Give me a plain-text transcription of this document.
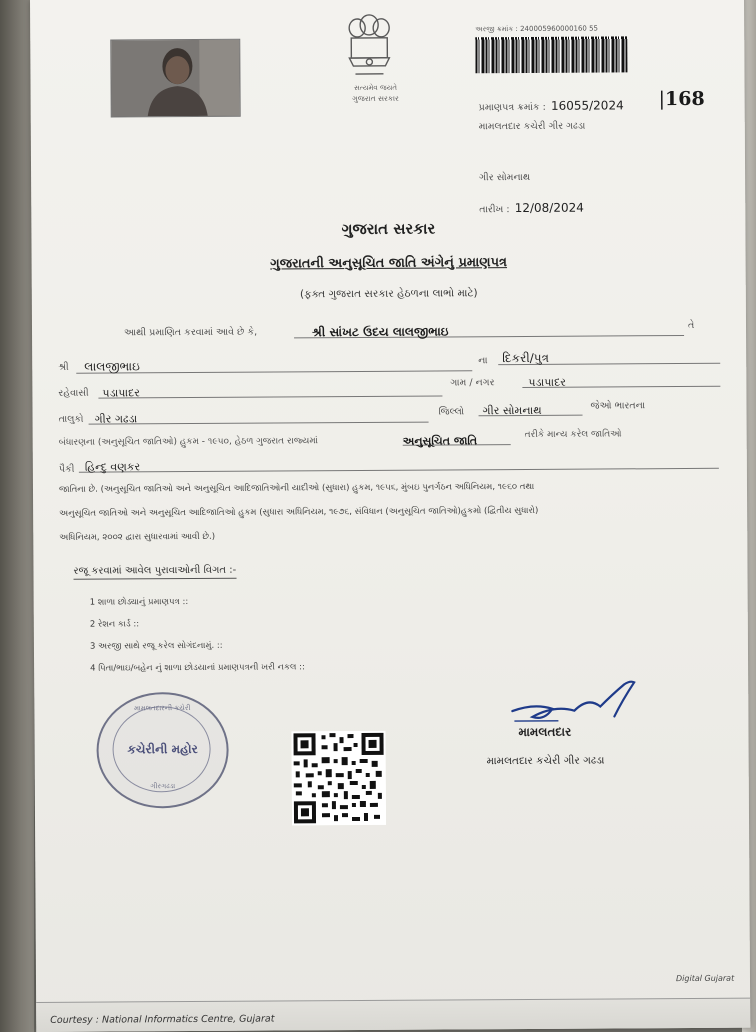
સત્યમેવ જયતે
ગુજરાત સરકાર
અરજી ક્રમાંક : 240005960000160 55
પ્રમાણપત્ર ક્રમાંક : 16055/2024 |168
મામલતદાર કચેરી ગીર ગઢડા
ગીર સોમનાથ
તારીખ : 12/08/2024
ગુજરાત સરકાર
ગુજરાતની અનુસૂચિત જાતિ અંગેનું પ્રમાણપત્ર
(ફક્ત ગુજરાત સરકાર હેઠળના લાભો માટે)
આથી પ્રમાણિત કરવામાં આવે છે કે,	શ્રી સાંખટ ઉદય લાલજીભાઇ	તે
શ્રી	લાલજીભાઇ	ના	દિકરી/પુત્ર
રહેવાસી	પડાપાદર
ગામ / નગર	પડાપાદર
તાલુકો	ગીર ગઢડા
જિલ્લો	ગીર સોમનાથ	જેઓ ભારતના
બંધારણના (અનુસૂચિત જાતિઓ) હુકમ - ૧૯૫૦, હેઠળ ગુજરાત રાજ્યમાં	અનુસૂચિત જાતિ	તરીકે માન્ય કરેલ જાતિઓ
પૈકી હિન્દુ વણકર
જાતિના છે. (અનુસૂચિત જાતિઓ અને અનુસૂચિત આદિજાતિઓની યાદીઓ (સુધારા) હુકમ, ૧૯૫૬, મુંબઇ પુનર્ગઠન અધિનિયમ, ૧૯૬૦ તથા
અનુસૂચિત જાતિઓ અને અનુસૂચિત આદિજાતિઓ હુકમ (સુધારા અધિનિયમ, ૧૯૭૬, સંવિધાન (અનુસૂચિત જાતિઓ)હુકમો (દ્વિતીય સુધારો)
અધિનિયમ, ૨૦૦૨ દ્વારા સુધારવામાં આવી છે.)
રજૂ કરવામાં આવેલ પુરાવાઓની વિગત :-
1 શાળા છોડ્યાનું પ્રમાણપત્ર ::
2 રેશન કાર્ડ ::
3 અરજી સાથે રજૂ કરેલ સોગંદનામું. ::
4 પિતા/ભાઇ/બહેન નું શાળા છોડયાનાં પ્રમાણપત્રની ખરી નકલ ::
મામલતદારની કચેરી
કચેરીની મહોર
ગીરગઢડા
મામલતદાર
મામલતદાર કચેરી ગીર ગઢડા
Digital Gujarat
Courtesy : National Informatics Centre, Gujarat
